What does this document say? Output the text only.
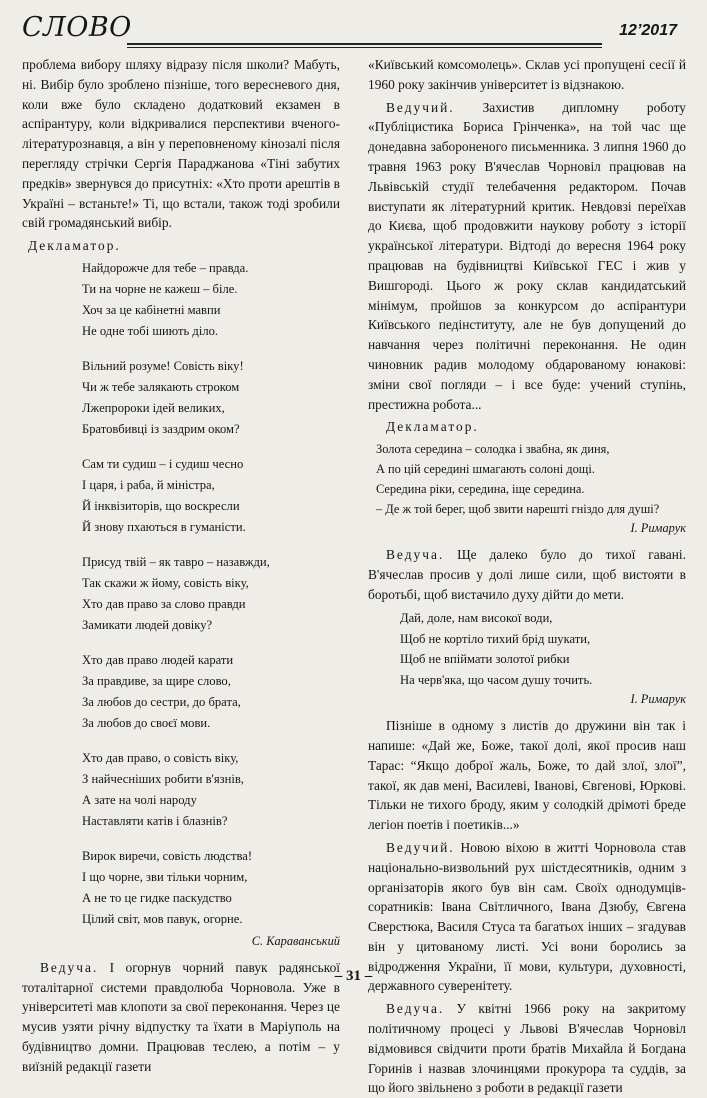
СЛОВО	12’2017

проблема вибору шляху відразу після школи? Мабуть, ні. Вибір було зроблено пізніше, того вересневого дня, коли вже було складено додатковий екзамен в аспірантуру, коли відкривалися перспективи вченого-літературознавця, а він у переповненому кінозалі після перегляду стрічки Сергія Параджанова «Тіні забутих предків» звернувся до присутніх: «Хто проти арештів в Україні – встаньте!» Ті, що встали, також тоді зробили свій громадянський вибір.

Декламатор.

Найдорожче для тебе – правда.
Ти на чорне не кажеш – біле.
Хоч за це кабінетні мавпи
Не одне тобі шиють діло.
Вільний розуме! Совість віку!
Чи ж тебе залякають строком
Лжепророки ідей великих,
Братовбивці із заздрим оком?
Сам ти судиш – і судиш чесно
І царя, і раба, й міністра,
Й інквізиторів, що воскресли
Й знову пхаються в гуманісти.
Присуд твій – як тавро – назавжди,
Так скажи ж йому, совість віку,
Хто дав право за слово правди
Замикати людей довіку?
Хто дав право людей карати
За правдиве, за щире слово,
За любов до сестри, до брата,
За любов до своєї мови.
Хто дав право, о совість віку,
З найчесніших робити в'язнів,
А зате на чолі народу
Наставляти катів і блазнів?
Вирок виречи, совість людства!
І що чорне, зви тільки чорним,
А не то це гидке паскудство
Цілий світ, мов павук, огорне.
С. Караванський

Ведуча. І огорнув чорний павук радянської тоталітарної системи правдолюба Чорновола. Уже в університеті мав клопоти за свої переконання. Через це мусив узяти річну відпустку та їхати в Маріуполь на будівництво домни. Працював теслею, а потім – у виїзній редакції газети

«Київський комсомолець». Склав усі пропущені сесії й 1960 року закінчив університет із відзнакою.

Ведучий. Захистив дипломну роботу «Публіцистика Бориса Грінченка», на той час ще донедавна забороненого письменника. З липня 1960 до травня 1963 року В'ячеслав Чорновіл працював на Львівській студії телебачення редактором. Почав виступати як літературний критик. Невдовзі переїхав до Києва, щоб продовжити наукову роботу з історії української літератури. Відтоді до вересня 1964 року працював на будівництві Київської ГЕС і жив у Вишгороді. Цього ж року склав кандидатський мінімум, пройшов за конкурсом до аспірантури Київського педінституту, але не був допущений до навчання через політичні переконання. Не один чиновник радив молодому обдарованому юнакові: зміни свої погляди – і все буде: учений ступінь, престижна робота...

Декламатор.

Золота середина – солодка і звабна, як диня,
А по цій середині шмагають солоні дощі.
Середина ріки, середина, іще середина.
– Де ж той берег, щоб звити нарешті гніздо для душі?
І. Римарук

Ведуча. Ще далеко було до тихої гавані. В'ячеслав просив у долі лише сили, щоб вистояти в боротьбі, щоб вистачило духу дійти до мети.

Дай, доле, нам високої води,
Щоб не кортіло тихий брід шукати,
Щоб не впіймати золотої рибки
На черв'яка, що часом душу точить.
І. Римарук

Пізніше в одному з листів до дружини він так і напише: «Дай же, Боже, такої долі, якої просив наш Тарас: “Якщо доброї жаль, Боже, то дай злої, злої”, такої, як дав мені, Василеві, Іванові, Євгенові, Юркові. Тільки не тихого броду, яким у солодкій дрімоті бреде легіон поетів і поетиків...»

Ведучий. Новою віхою в житті Чорновола став національно-визвольний рух шістдесятників, одним з організаторів якого був він сам. Своїх однодумців-соратників: Івана Світличного, Івана Дзюбу, Євгена Сверстюка, Василя Стуса та багатьох інших – згадував він у цитованому листі. Усі вони боролись за відродження України, її мови, культури, духовності, державного суверенітету.

Ведуча. У квітні 1966 року на закритому політичному процесі у Львові В'ячеслав Чорновіл відмовився свідчити проти братів Михайла й Богдана Горинів і назвав злочинцями прокурора та суддів, за що його звільнено з роботи в редакції газети

– 31 –
